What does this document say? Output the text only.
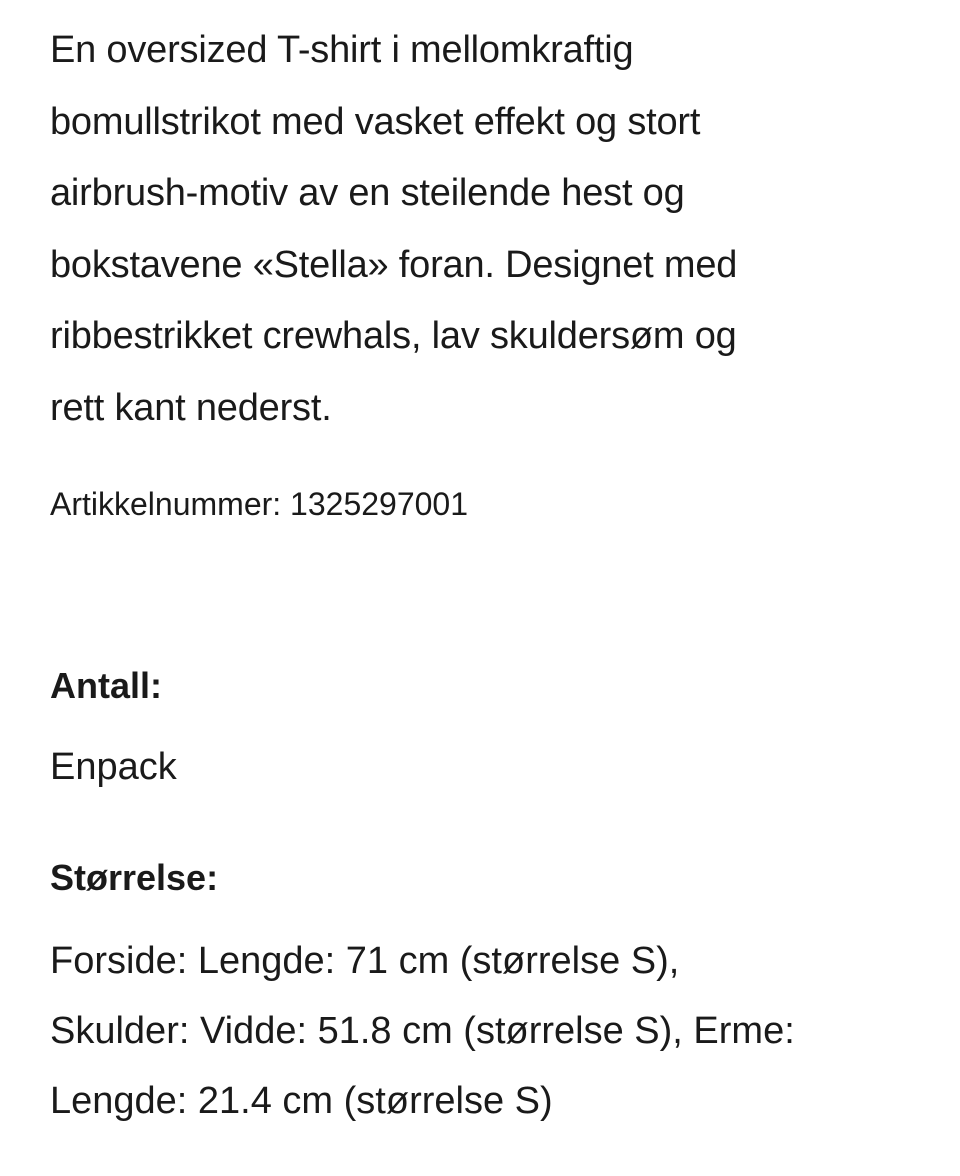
En oversized T-shirt i mellomkraftig
bomullstrikot med vasket effekt og stort
airbrush-motiv av en steilende hest og
bokstavene «Stella» foran. Designet med
ribbestrikket crewhals, lav skuldersøm og
rett kant nederst.

Artikkelnummer: 1325297001

Antall:

Enpack

Størrelse:

Forside: Lengde: 71 cm (størrelse S),
Skulder: Vidde: 51.8 cm (størrelse S), Erme:
Lengde: 21.4 cm (størrelse S)
